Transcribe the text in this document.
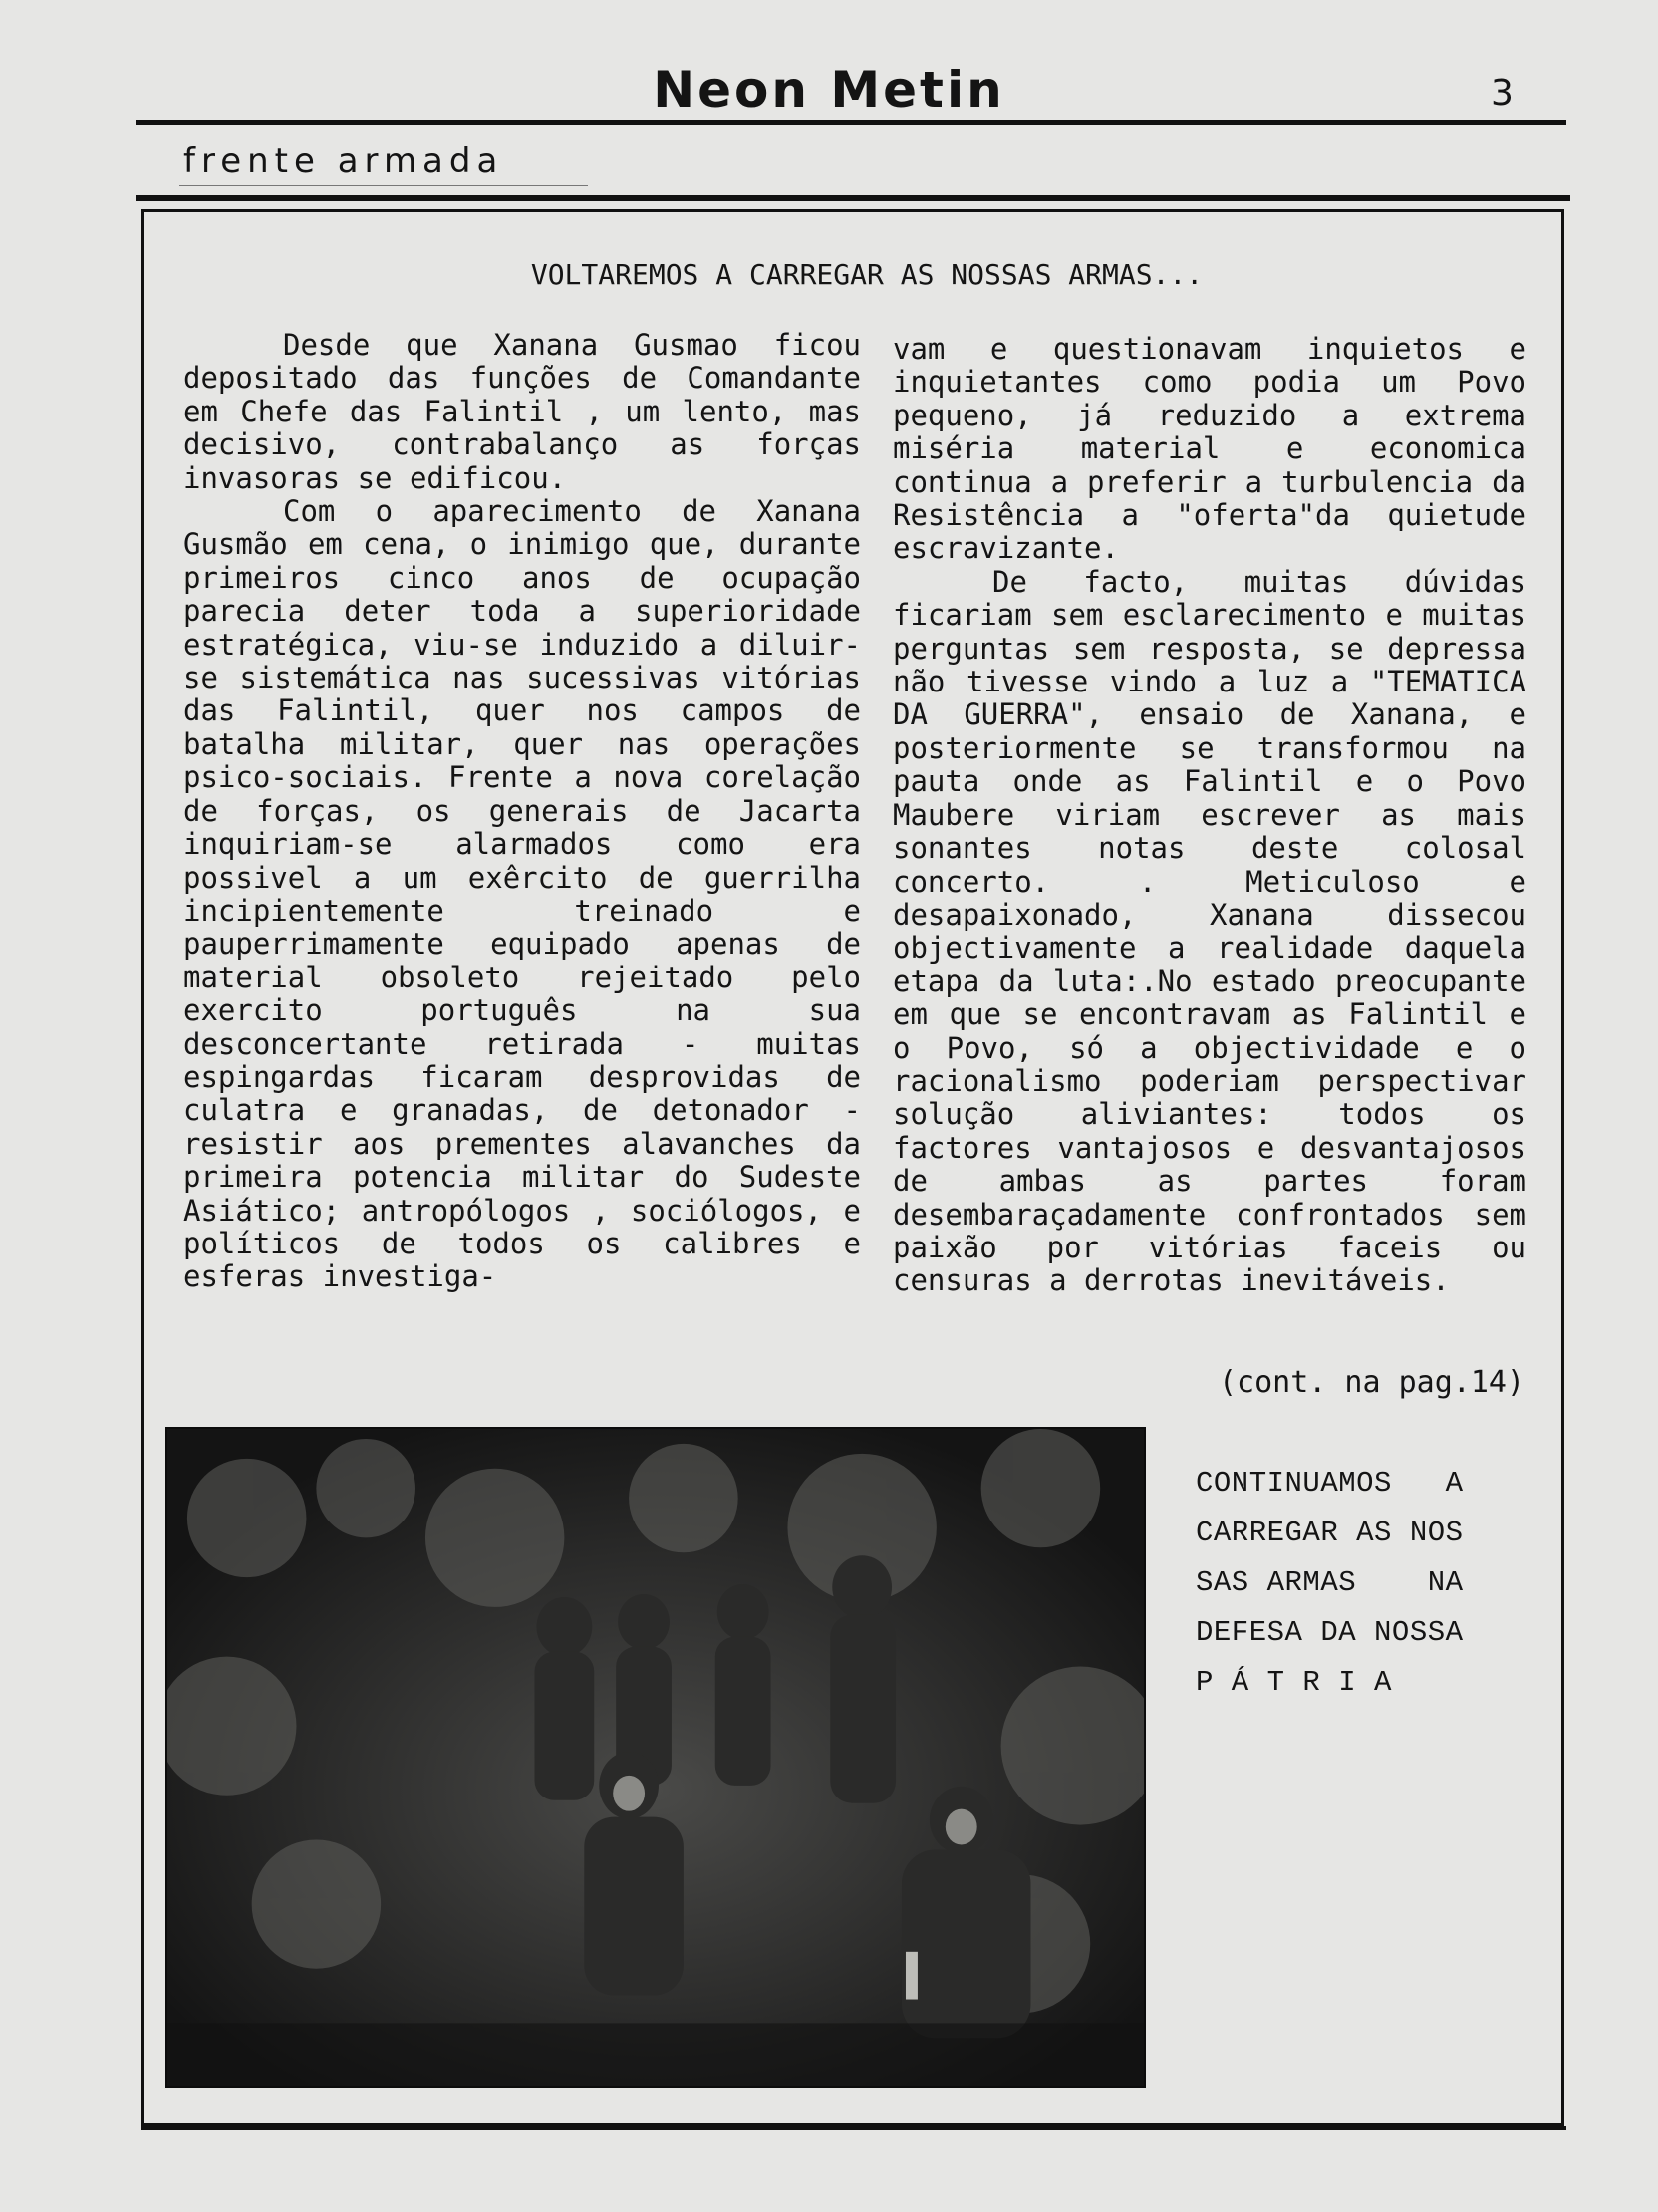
Neon Metin	3
frente armada
VOLTAREMOS A CARREGAR AS NOSSAS ARMAS...

Desde que Xanana Gusmao ficou depositado das funções de Comandante em Chefe das Falintil , um lento, mas decisivo, contrabalanço as forças invasoras se edificou.

Com o aparecimento de Xanana Gusmão em cena, o inimigo que, durante primeiros cinco anos de ocupação parecia deter toda a superioridade estratégica, viu-se induzido a diluir-se sistemática nas sucessivas vitórias das Falintil, quer nos campos de batalha militar, quer nas operações psico-sociais. Frente a nova corelação de forças, os generais de Jacarta inquiriam-se alarmados como era possivel a um exêrcito de guerrilha incipientemente treinado e pauperrimamente equipado apenas de material obsoleto rejeitado pelo exercito português na sua desconcertante retirada - muitas espingardas ficaram desprovidas de culatra e granadas, de detonador - resistir aos prementes alavanches da primeira potencia militar do Sudeste Asiático; antropólogos , sociólogos, e políticos de todos os calibres e esferas investiga-

vam e questionavam inquietos e inquietantes como podia um Povo pequeno, já reduzido a extrema miséria material e economica continua a preferir a turbulencia da Resistência a "oferta"da quietude escravizante.

De facto, muitas dúvidas ficariam sem esclarecimento e muitas perguntas sem resposta, se depressa não tivesse vindo a luz a "TEMATICA DA GUERRA", ensaio de Xanana, e posteriormente se transformou na pauta onde as Falintil e o Povo Maubere viriam escrever as mais sonantes notas deste colosal concerto. . Meticuloso e desapaixonado, Xanana dissecou objectivamente a realidade daquela etapa da luta:.No estado preocupante em que se encontravam as Falintil e o Povo, só a objectividade e o racionalismo poderiam perspectivar solução aliviantes: todos os factores vantajosos e desvantajosos de ambas as partes foram desembaraçadamente confrontados sem paixão por vitórias faceis ou censuras a derrotas inevitáveis.

(cont. na pag.14)
CONTINUAMOS   A
CARREGAR AS NOS
SAS ARMAS    NA
DEFESA DA NOSSA
P Á T R I A
